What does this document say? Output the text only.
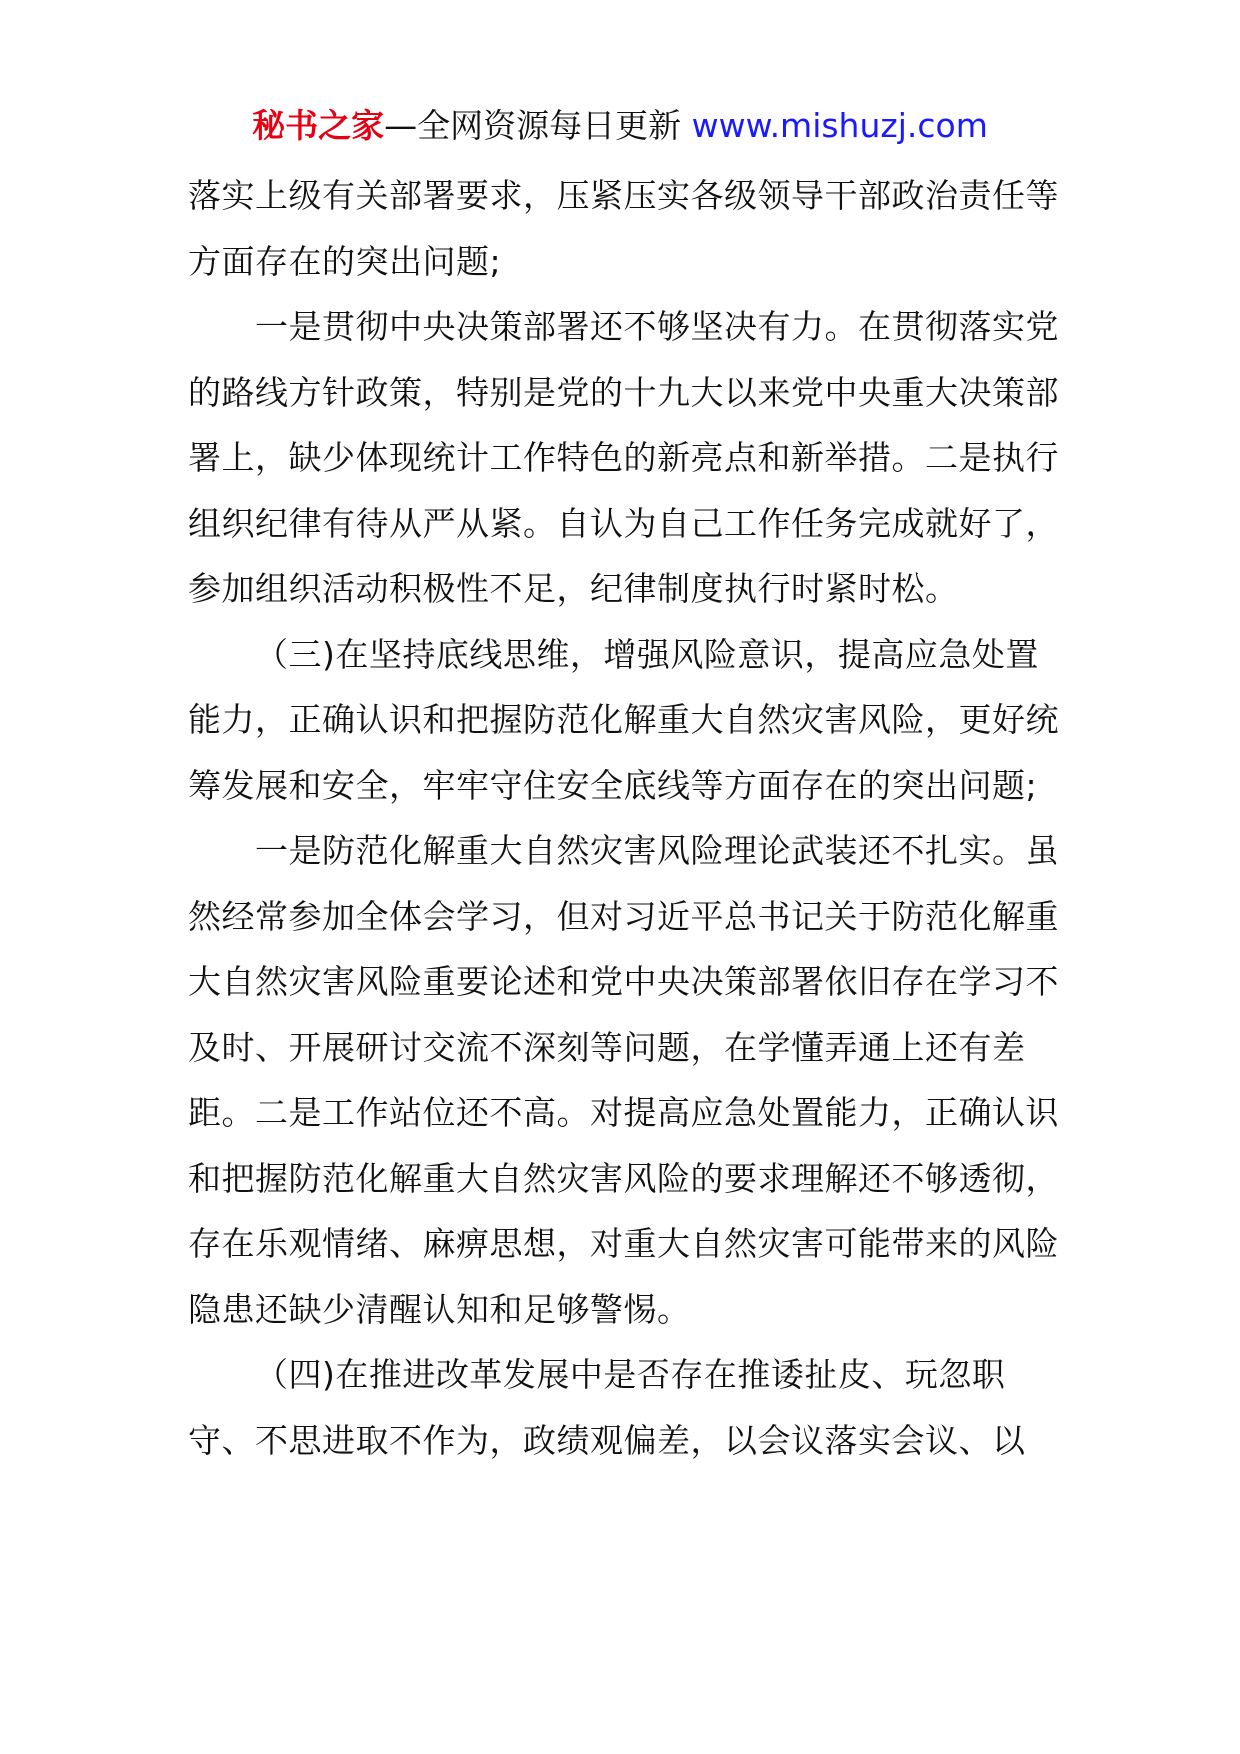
秘书之家—全网资源每日更新 www.mishuzj.com

落实上级有关部署要求，压紧压实各级领导干部政治责任等方面存在的突出问题;

一是贯彻中央决策部署还不够坚决有力。在贯彻落实党的路线方针政策，特别是党的十九大以来党中央重大决策部署上，缺少体现统计工作特色的新亮点和新举措。二是执行组织纪律有待从严从紧。自认为自己工作任务完成就好了，参加组织活动积极性不足，纪律制度执行时紧时松。

（三)在坚持底线思维，增强风险意识，提高应急处置能力，正确认识和把握防范化解重大自然灾害风险，更好统筹发展和安全，牢牢守住安全底线等方面存在的突出问题;

一是防范化解重大自然灾害风险理论武装还不扎实。虽然经常参加全体会学习，但对习近平总书记关于防范化解重大自然灾害风险重要论述和党中央决策部署依旧存在学习不及时、开展研讨交流不深刻等问题，在学懂弄通上还有差距。二是工作站位还不高。对提高应急处置能力，正确认识和把握防范化解重大自然灾害风险的要求理解还不够透彻，存在乐观情绪、麻痹思想，对重大自然灾害可能带来的风险隐患还缺少清醒认知和足够警惕。

（四)在推进改革发展中是否存在推诿扯皮、玩忽职守、不思进取不作为，政绩观偏差，以会议落实会议、以
